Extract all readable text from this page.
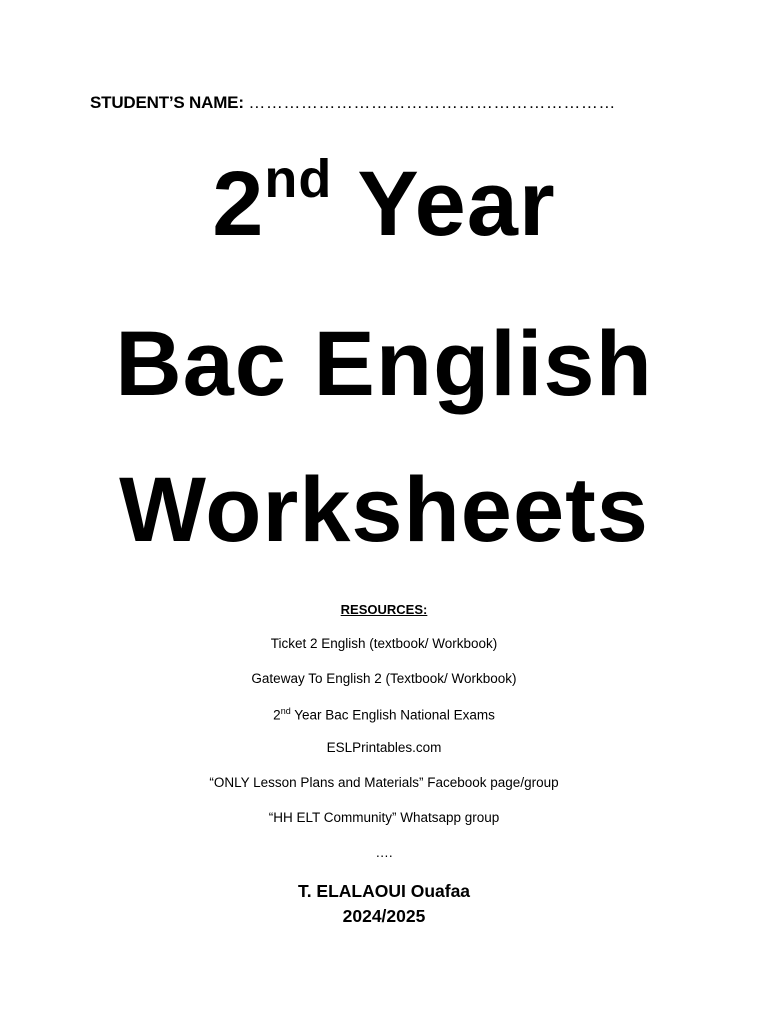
STUDENT’S NAME: ………………………………………………………
2nd Year
Bac English
Worksheets
RESOURCES:
Ticket 2 English (textbook/ Workbook)
Gateway To English 2 (Textbook/ Workbook)
2nd Year Bac English National Exams
ESLPrintables.com
“ONLY Lesson Plans and Materials” Facebook page/group
“HH ELT Community” Whatsapp group
….
T. ELALAOUI Ouafaa
2024/2025
